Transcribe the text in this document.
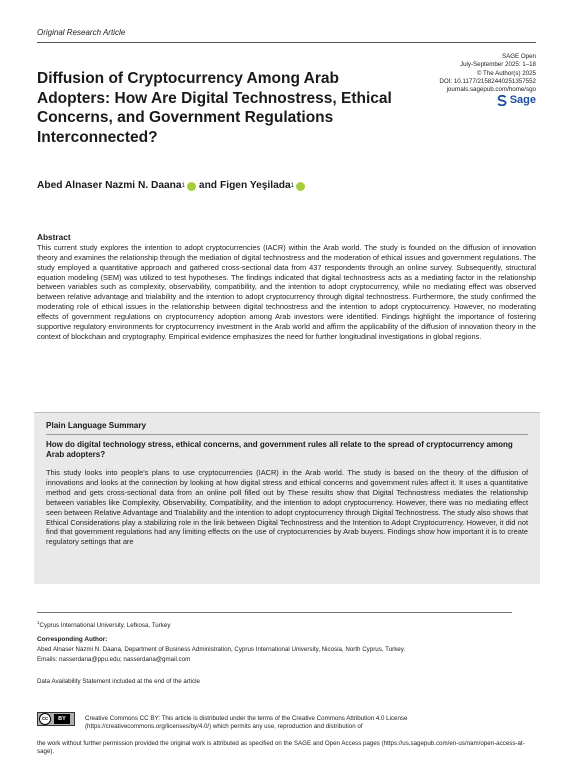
Original Research Article
SAGE Open
July-September 2025: 1–18
© The Author(s) 2025
DOI: 10.1177/21582440251357552
journals.sagepub.com/home/sgo
Sage
Diffusion of Cryptocurrency Among Arab Adopters: How Are Digital Technostress, Ethical Concerns, and Government Regulations Interconnected?
Abed Alnaser Nazmi N. Daana 1 and Figen Yeşilada 1
Abstract

This current study explores the intention to adopt cryptocurrencies (IACR) within the Arab world. The study is founded on the diffusion of innovation theory and examines the relationship through the mediation of digital technostress and the moderation of ethical issues and government regulations. The study employed a quantitative approach and gathered cross-sectional data from 437 respondents through an online survey. Subsequently, structural equation modeling (SEM) was utilized to test hypotheses. The findings indicated that digital technostress acts as a mediating factor in the relationship between variables such as complexity, observability, compatibility, and the intention to adopt cryptocurrency, while no mediating effect was observed between relative advantage and trialability and the intention to adopt cryptocurrency through digital technostress. Furthermore, the study confirmed the moderating role of ethical issues in the relationship between digital technostress and the intention to adopt cryptocurrency. However, no moderating effects of government regulations on cryptocurrency adoption among Arab investors were identified. Findings highlight the importance of fostering supportive regulatory environments for cryptocurrency investment in the Arab world and affirm the applicability of the diffusion of innovation theory in the context of blockchain and cryptography. Empirical evidence emphasizes the need for further longitudinal investigations in global regions.

Plain Language Summary
How do digital technology stress, ethical concerns, and government rules all relate to the spread of cryptocurrency among Arab adopters?

This study looks into people's plans to use cryptocurrencies (IACR) in the Arab world. The study is based on the theory of the diffusion of innovations and looks at the connection by looking at how digital stress and ethical concerns and government rules affect it. It uses a quantitative method and gets cross-sectional data from an online poll filled out by These results show that Digital Technostress mediates the relationship between variables like Complexity, Observability, Compatibility, and the intention to adopt cryptocurrency. However, there was no mediating effect seen between Relative Advantage and Trialability and the intention to adopt cryptocurrency through Digital Technostress. The study also shows that Ethical Considerations play a stabilizing role in the link between Digital Technostress and the Intention to Adopt Cryptocurrency. However, it did not find that government regulations had any limiting effects on the use of cryptocurrencies by Arab buyers. Findings show how important it is to create regulatory settings that are

$^1$Cyprus International University, Lefkosa, Turkey
Corresponding Author:
Abed Alnaser Nazmi N. Daana, Department of Business Administration, Cyprus International University, Nicosia, North Cyprus, Turkey.
Emails: nasserdana@ppu.edu; nasserdana@gmail.com
Data Availability Statement included at the end of the article
cc	BY	Creative Commons CC BY: This article is distributed under the terms of the Creative Commons Attribution 4.0 License (https://creativecommons.org/licenses/by/4.0/) which permits any use, reproduction and distribution of

the work without further permission provided the original work is attributed as specified on the SAGE and Open Access pages (https://us.sagepub.com/en-us/nam/open-access-at-sage).
